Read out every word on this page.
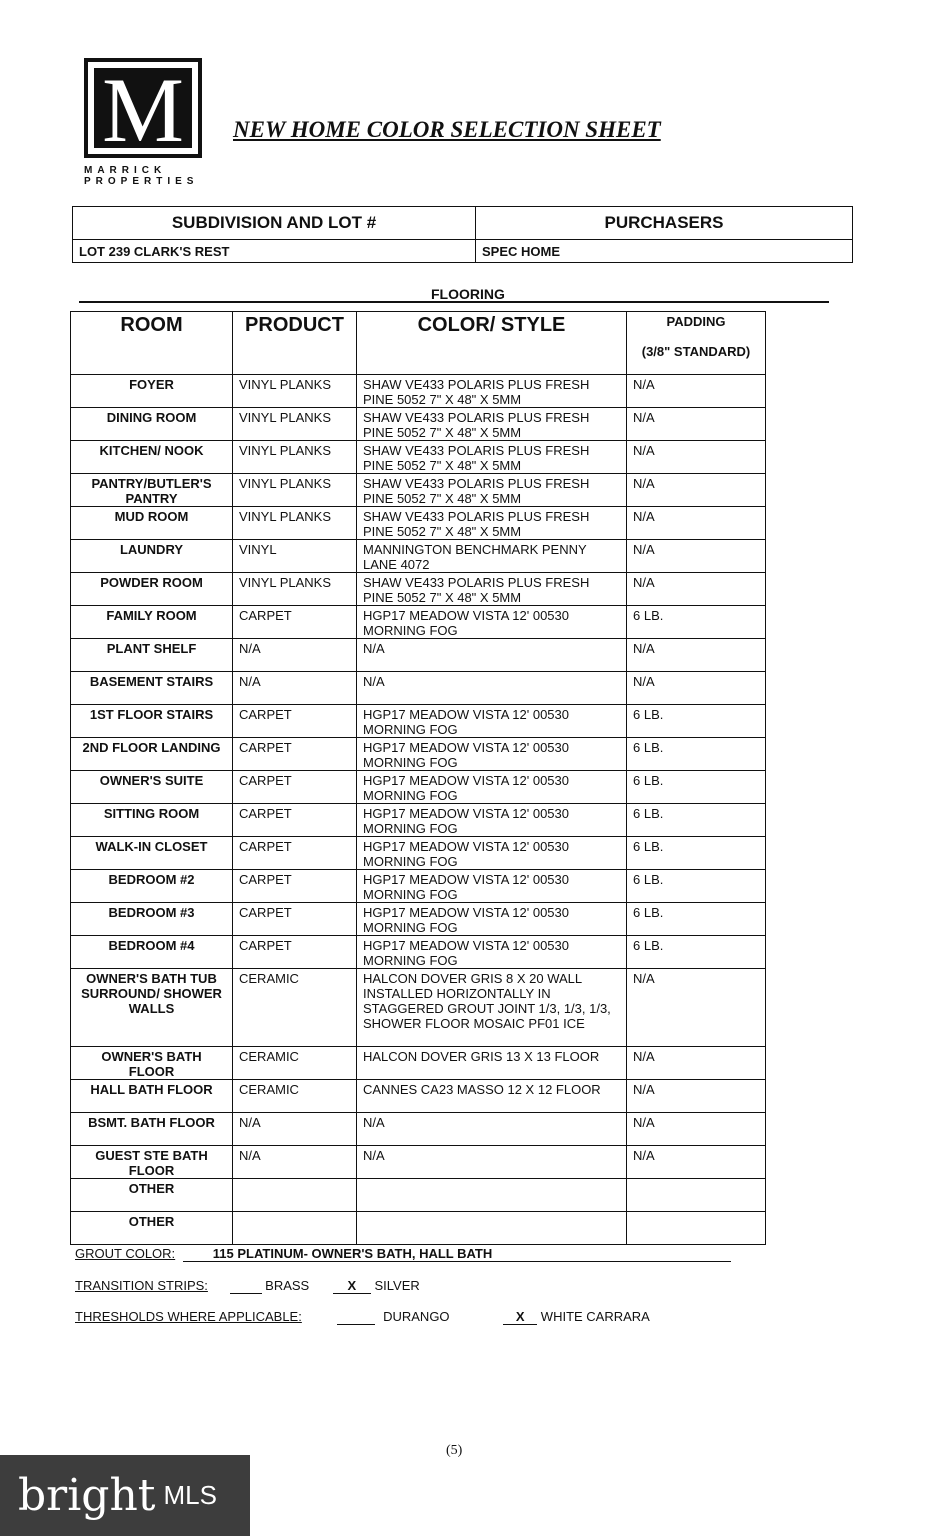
M
MARRICK PROPERTIES
NEW HOME COLOR SELECTION SHEET
SUBDIVISION AND LOT #	PURCHASERS
LOT 239 CLARK'S REST	SPEC HOME
FLOORING
ROOM	PRODUCT	COLOR/ STYLE	PADDING
(3/8" STANDARD)

FOYER	VINYL PLANKS	SHAW VE433 POLARIS PLUS FRESH PINE 5052 7" X 48" X 5MM	N/A
DINING ROOM	VINYL PLANKS	SHAW VE433 POLARIS PLUS FRESH PINE 5052 7" X 48" X 5MM	N/A
KITCHEN/ NOOK	VINYL PLANKS	SHAW VE433 POLARIS PLUS FRESH PINE 5052 7" X 48" X 5MM	N/A
PANTRY/BUTLER'S PANTRY	VINYL PLANKS	SHAW VE433 POLARIS PLUS FRESH PINE 5052 7" X 48" X 5MM	N/A
MUD ROOM	VINYL PLANKS	SHAW VE433 POLARIS PLUS FRESH PINE 5052 7" X 48" X 5MM	N/A
LAUNDRY	VINYL	MANNINGTON BENCHMARK PENNY LANE 4072	N/A
POWDER ROOM	VINYL PLANKS	SHAW VE433 POLARIS PLUS FRESH PINE 5052 7" X 48" X 5MM	N/A
FAMILY ROOM	CARPET	HGP17 MEADOW VISTA 12' 00530 MORNING FOG	6 LB.
PLANT SHELF	N/A	N/A	N/A
BASEMENT STAIRS	N/A	N/A	N/A
1ST FLOOR STAIRS	CARPET	HGP17 MEADOW VISTA 12' 00530 MORNING FOG	6 LB.
2ND FLOOR LANDING	CARPET	HGP17 MEADOW VISTA 12' 00530 MORNING FOG	6 LB.
OWNER'S SUITE	CARPET	HGP17 MEADOW VISTA 12' 00530 MORNING FOG	6 LB.
SITTING ROOM	CARPET	HGP17 MEADOW VISTA 12' 00530 MORNING FOG	6 LB.
WALK-IN CLOSET	CARPET	HGP17 MEADOW VISTA 12' 00530 MORNING FOG	6 LB.
BEDROOM #2	CARPET	HGP17 MEADOW VISTA 12' 00530 MORNING FOG	6 LB.
BEDROOM #3	CARPET	HGP17 MEADOW VISTA 12' 00530 MORNING FOG	6 LB.
BEDROOM #4	CARPET	HGP17 MEADOW VISTA 12' 00530 MORNING FOG	6 LB.
OWNER'S BATH TUB SURROUND/ SHOWER WALLS	CERAMIC	HALCON DOVER GRIS 8 X 20 WALL INSTALLED HORIZONTALLY IN STAGGERED GROUT JOINT 1/3, 1/3, 1/3, SHOWER FLOOR MOSAIC PF01 ICE	N/A
OWNER'S BATH FLOOR	CERAMIC	HALCON DOVER GRIS 13 X 13 FLOOR	N/A
HALL BATH FLOOR	CERAMIC	CANNES CA23 MASSO 12 X 12 FLOOR	N/A
BSMT. BATH FLOOR	N/A	N/A	N/A
GUEST STE BATH FLOOR	N/A	N/A	N/A
OTHER			
OTHER			
GROUT COLOR:	115 PLATINUM- OWNER'S BATH, HALL BATH
TRANSITION STRIPS:	BRASS	X SILVER
THRESHOLDS WHERE APPLICABLE:	DURANGO	X WHITE CARRARA
(5)
bright MLS
